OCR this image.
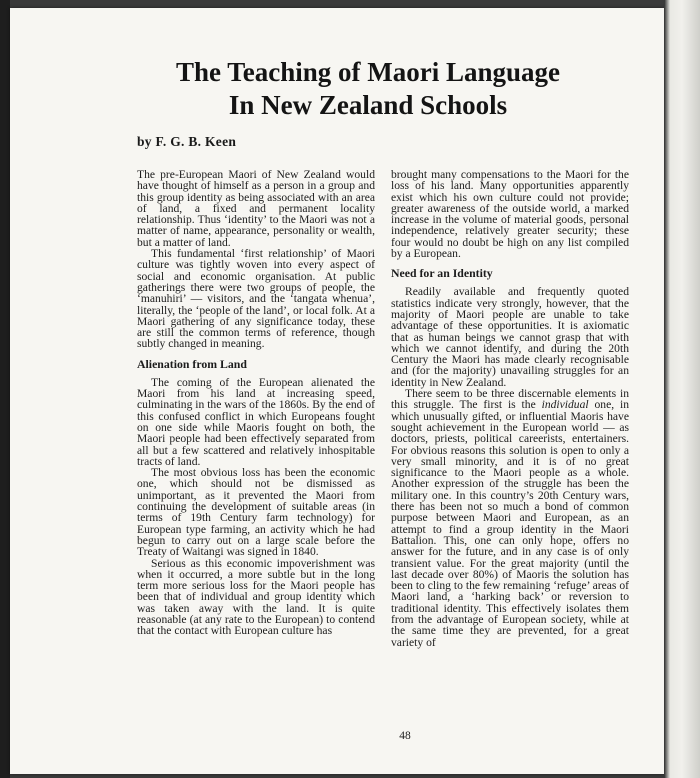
The Teaching of Maori Language
In New Zealand Schools
by F. G. B. Keen

The pre-European Maori of New Zealand would have thought of himself as a person in a group and this group identity as being associated with an area of land, a fixed and permanent locality relationship. Thus ‘identity’ to the Maori was not a matter of name, appearance, personality or wealth, but a matter of land.

This fundamental ‘first relationship’ of Maori culture was tightly woven into every aspect of social and economic organisation. At public gatherings there were two groups of people, the ‘manuhiri’ — visitors, and the ‘tangata whenua’, literally, the ‘people of the land’, or local folk. At a Maori gathering of any significance today, these are still the common terms of reference, though subtly changed in meaning.

Alienation from Land

The coming of the European alienated the Maori from his land at increasing speed, culminating in the wars of the 1860s. By the end of this confused conflict in which Europeans fought on one side while Maoris fought on both, the Maori people had been effectively separated from all but a few scattered and relatively inhospitable tracts of land.

The most obvious loss has been the economic one, which should not be dismissed as unimportant, as it prevented the Maori from continuing the development of suitable areas (in terms of 19th Century farm technology) for European type farming, an activity which he had begun to carry out on a large scale before the Treaty of Waitangi was signed in 1840.

Serious as this economic impoverishment was when it occurred, a more subtle but in the long term more serious loss for the Maori people has been that of individual and group identity which was taken away with the land. It is quite reasonable (at any rate to the European) to contend that the contact with European culture has

brought many compensations to the Maori for the loss of his land. Many opportunities apparently exist which his own culture could not provide; greater awareness of the outside world, a marked increase in the volume of material goods, personal independence, relatively greater security; these four would no doubt be high on any list compiled by a European.

Need for an Identity

Readily available and frequently quoted statistics indicate very strongly, however, that the majority of Maori people are unable to take advantage of these opportunities. It is axiomatic that as human beings we cannot grasp that with which we cannot identify, and during the 20th Century the Maori has made clearly recognisable and (for the majority) unavailing struggles for an identity in New Zealand.

There seem to be three discernable elements in this struggle. The first is the individual one, in which unusually gifted, or influential Maoris have sought achievement in the European world — as doctors, priests, political careerists, entertainers. For obvious reasons this solution is open to only a very small minority, and it is of no great significance to the Maori people as a whole. Another expression of the struggle has been the military one. In this country’s 20th Century wars, there has been not so much a bond of common purpose between Maori and European, as an attempt to find a group identity in the Maori Battalion. This, one can only hope, offers no answer for the future, and in any case is of only transient value. For the great majority (until the last decade over 80%) of Maoris the solution has been to cling to the few remaining ‘refuge’ areas of Maori land, a ‘harking back’ or reversion to traditional identity. This effectively isolates them from the advantage of European society, while at the same time they are prevented, for a great variety of

48
